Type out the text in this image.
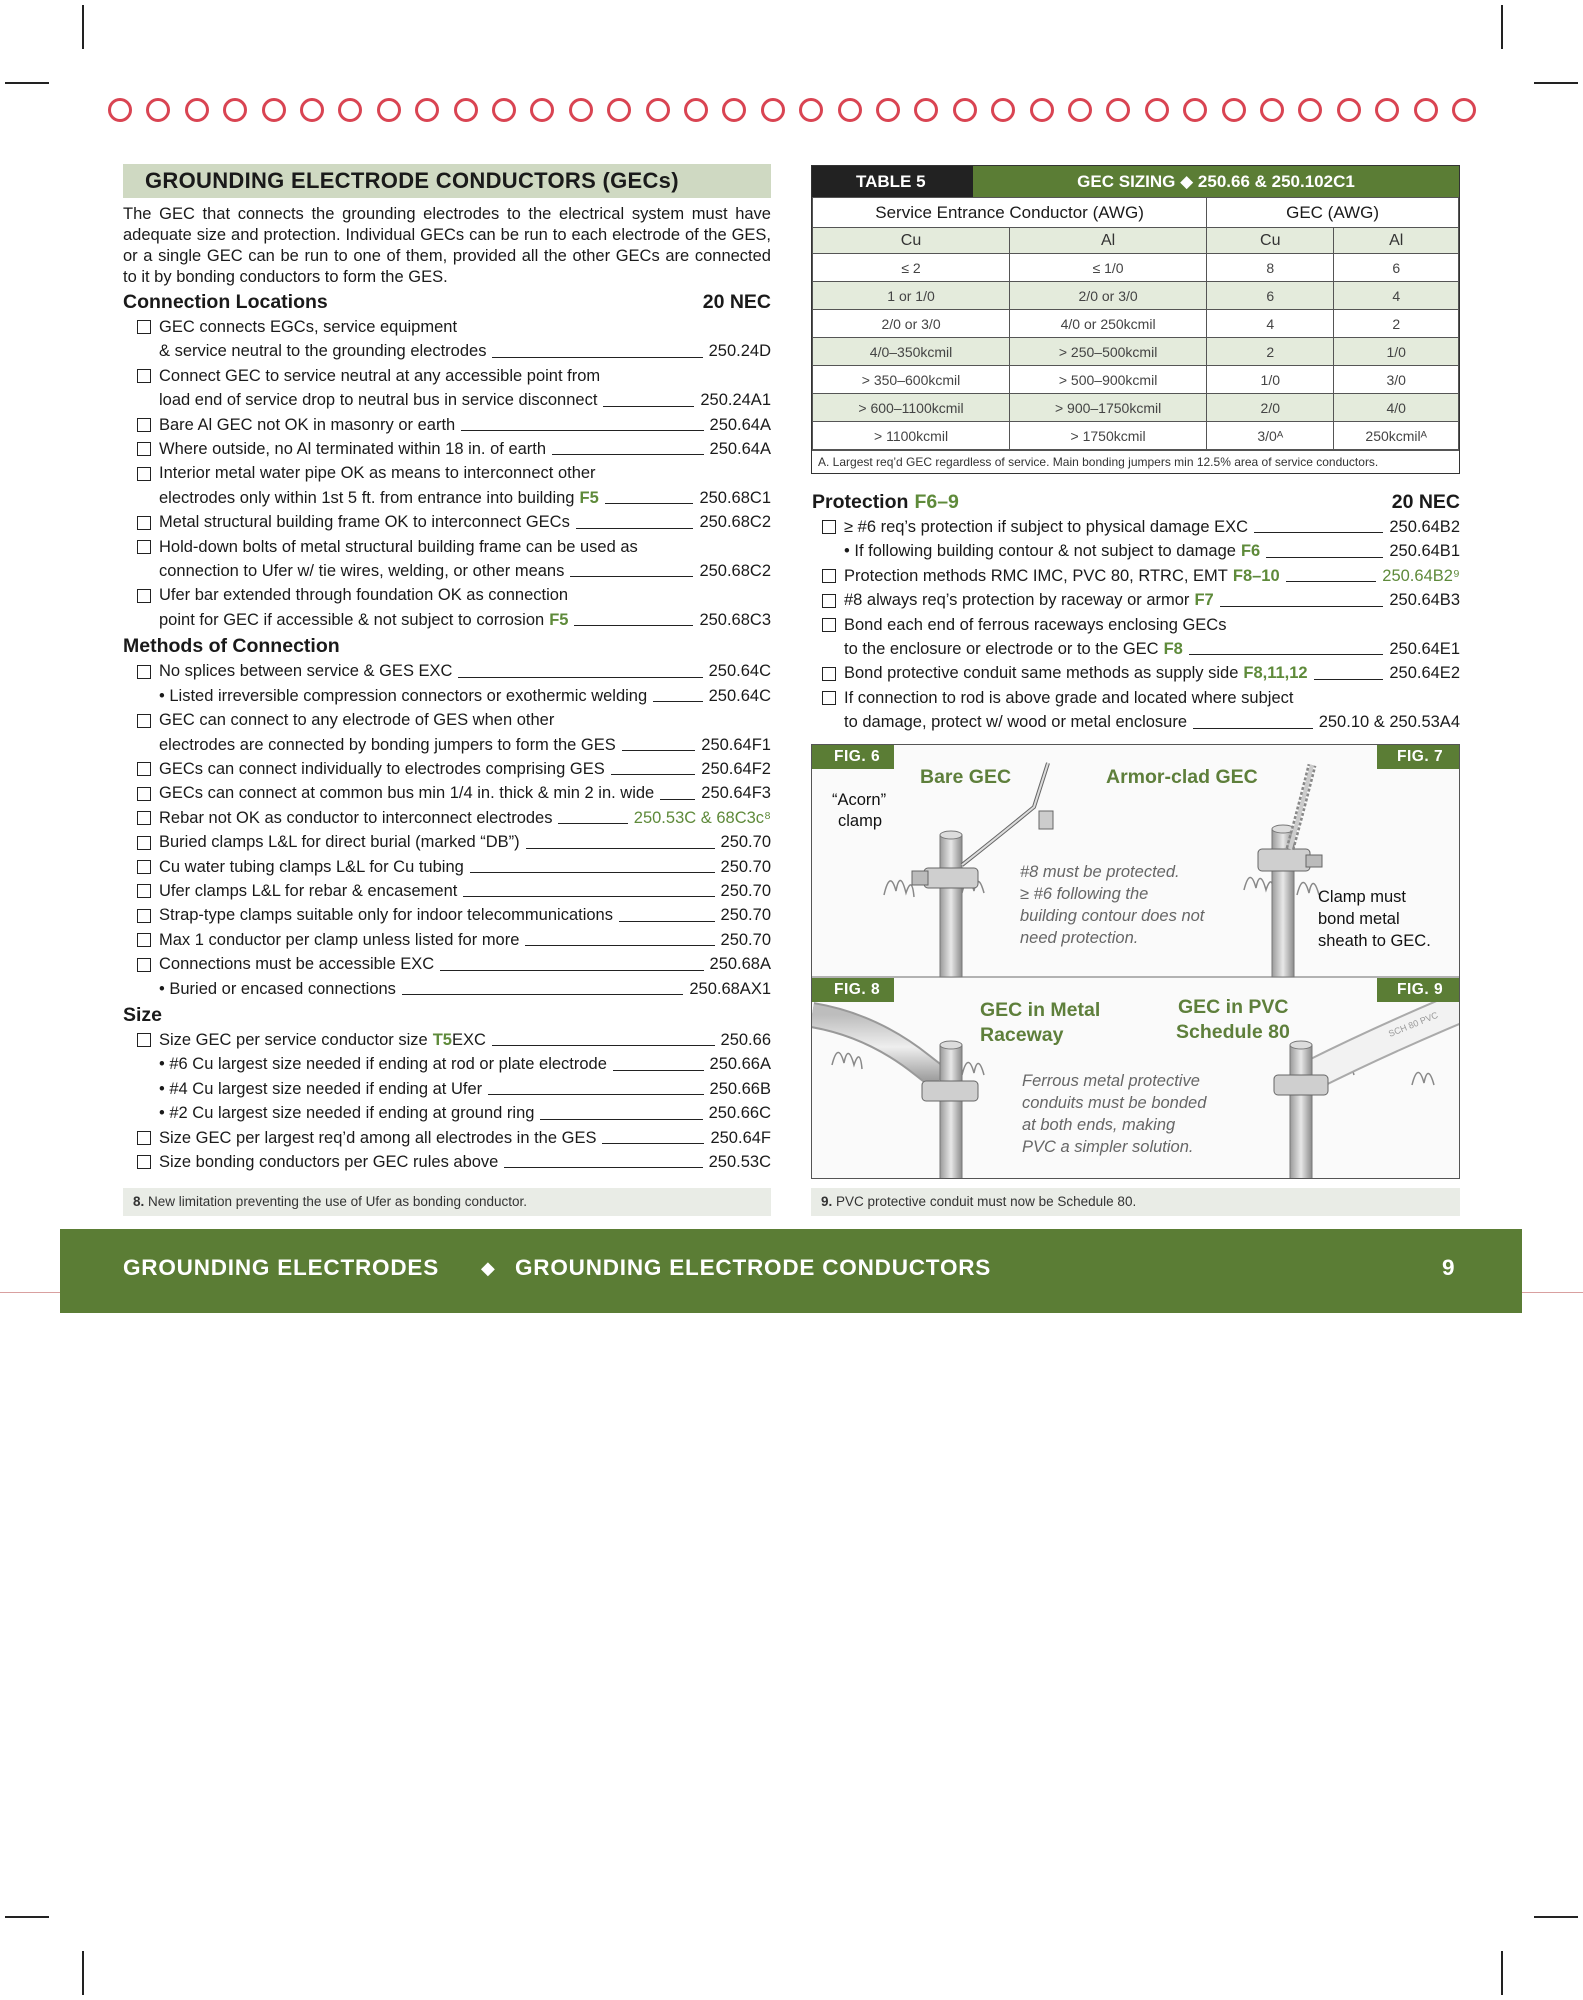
GROUNDING ELECTRODE CONDUCTORS (GECs)
The GEC that connects the grounding electrodes to the electrical system must have adequate size and protection. Individual GECs can be run to each electrode of the GES, or a single GEC can be run to one of them, provided all the other GECs are connected to it by bonding conductors to form the GES.
Connection Locations	20 NEC
GEC connects EGCs, service equipment
& service neutral to the grounding electrodes	250.24D
Connect GEC to service neutral at any accessible point from
load end of service drop to neutral bus in service disconnect	250.24A1
Bare Al GEC not OK in masonry or earth	250.64A
Where outside, no Al terminated within 18 in. of earth	250.64A
Interior metal water pipe OK as means to interconnect other
electrodes only within 1st 5 ft. from entrance into building F5	250.68C1
Metal structural building frame OK to interconnect GECs	250.68C2
Hold-down bolts of metal structural building frame can be used as
connection to Ufer w/ tie wires, welding, or other means	250.68C2
Ufer bar extended through foundation OK as connection
point for GEC if accessible & not subject to corrosion F5	250.68C3
Methods of Connection
No splices between service & GES EXC	250.64C
• Listed irreversible compression connectors or exothermic welding	250.64C
GEC can connect to any electrode of GES when other
electrodes are connected by bonding jumpers to form the GES	250.64F1
GECs can connect individually to electrodes comprising GES	250.64F2
GECs can connect at common bus min 1/4 in. thick & min 2 in. wide	250.64F3
Rebar not OK as conductor to interconnect electrodes	250.53C & 68C3c⁸
Buried clamps L&L for direct burial (marked “DB”)	250.70
Cu water tubing clamps L&L for Cu tubing	250.70
Ufer clamps L&L for rebar & encasement	250.70
Strap-type clamps suitable only for indoor telecommunications	250.70
Max 1 conductor per clamp unless listed for more	250.70
Connections must be accessible EXC	250.68A
• Buried or encased connections	250.68AX1
Size
Size GEC per service conductor size T5 EXC	250.66
• #6 Cu largest size needed if ending at rod or plate electrode	250.66A
• #4 Cu largest size needed if ending at Ufer	250.66B
• #2 Cu largest size needed if ending at ground ring	250.66C
Size GEC per largest req’d among all electrodes in the GES	250.64F
Size bonding conductors per GEC rules above	250.53C
TABLE 5	GEC SIZING ◆ 250.66 & 250.102C1
Service Entrance Conductor (AWG)		GEC (AWG)	
Cu	Al	Cu	Al
≤ 2	≤ 1/0	8	6
1 or 1/0	2/0 or 3/0	6	4
2/0 or 3/0	4/0 or 250kcmil	4	2
4/0–350kcmil	> 250–500kcmil	2	1/0
> 350–600kcmil	> 500–900kcmil	1/0	3/0
> 600–1100kcmil	> 900–1750kcmil	2/0	4/0
> 1100kcmil	> 1750kcmil	3/0ᴬ	250kcmilᴬ
A. Largest req’d GEC regardless of service. Main bonding jumpers min 12.5% area of service conductors.
Protection F6–9	20 NEC
≥ #6 req’s protection if subject to physical damage EXC	250.64B2
• If following building contour & not subject to damage F6	250.64B1
Protection methods RMC IMC, PVC 80, RTRC, EMT F8–10	250.64B2⁹
#8 always req’s protection by raceway or armor F7	250.64B3
Bond each end of ferrous raceways enclosing GECs
to the enclosure or electrode or to the GEC F8	250.64E1
Bond protective conduit same methods as supply side F8,11,12	250.64E2
If connection to rod is above grade and located where subject
to damage, protect w/ wood or metal enclosure	250.10 & 250.53A4
SCH 80 PVC
FIG. 6	FIG. 7
FIG. 8	FIG. 9
“Acorn”
clamp
Bare GEC	Armor-clad GEC
#8 must be protected.
≥ #6 following the
building contour does not
need protection.
Clamp must
bond metal
sheath to GEC.
GEC in Metal
Raceway
GEC in PVC
Schedule 80
Ferrous metal protective
conduits must be bonded
at both ends, making
PVC a simpler solution.
8. New limitation preventing the use of Ufer as bonding conductor.	9. PVC protective conduit must now be Schedule 80.
GROUNDING ELECTRODES ◆ GROUNDING ELECTRODE CONDUCTORS	9
